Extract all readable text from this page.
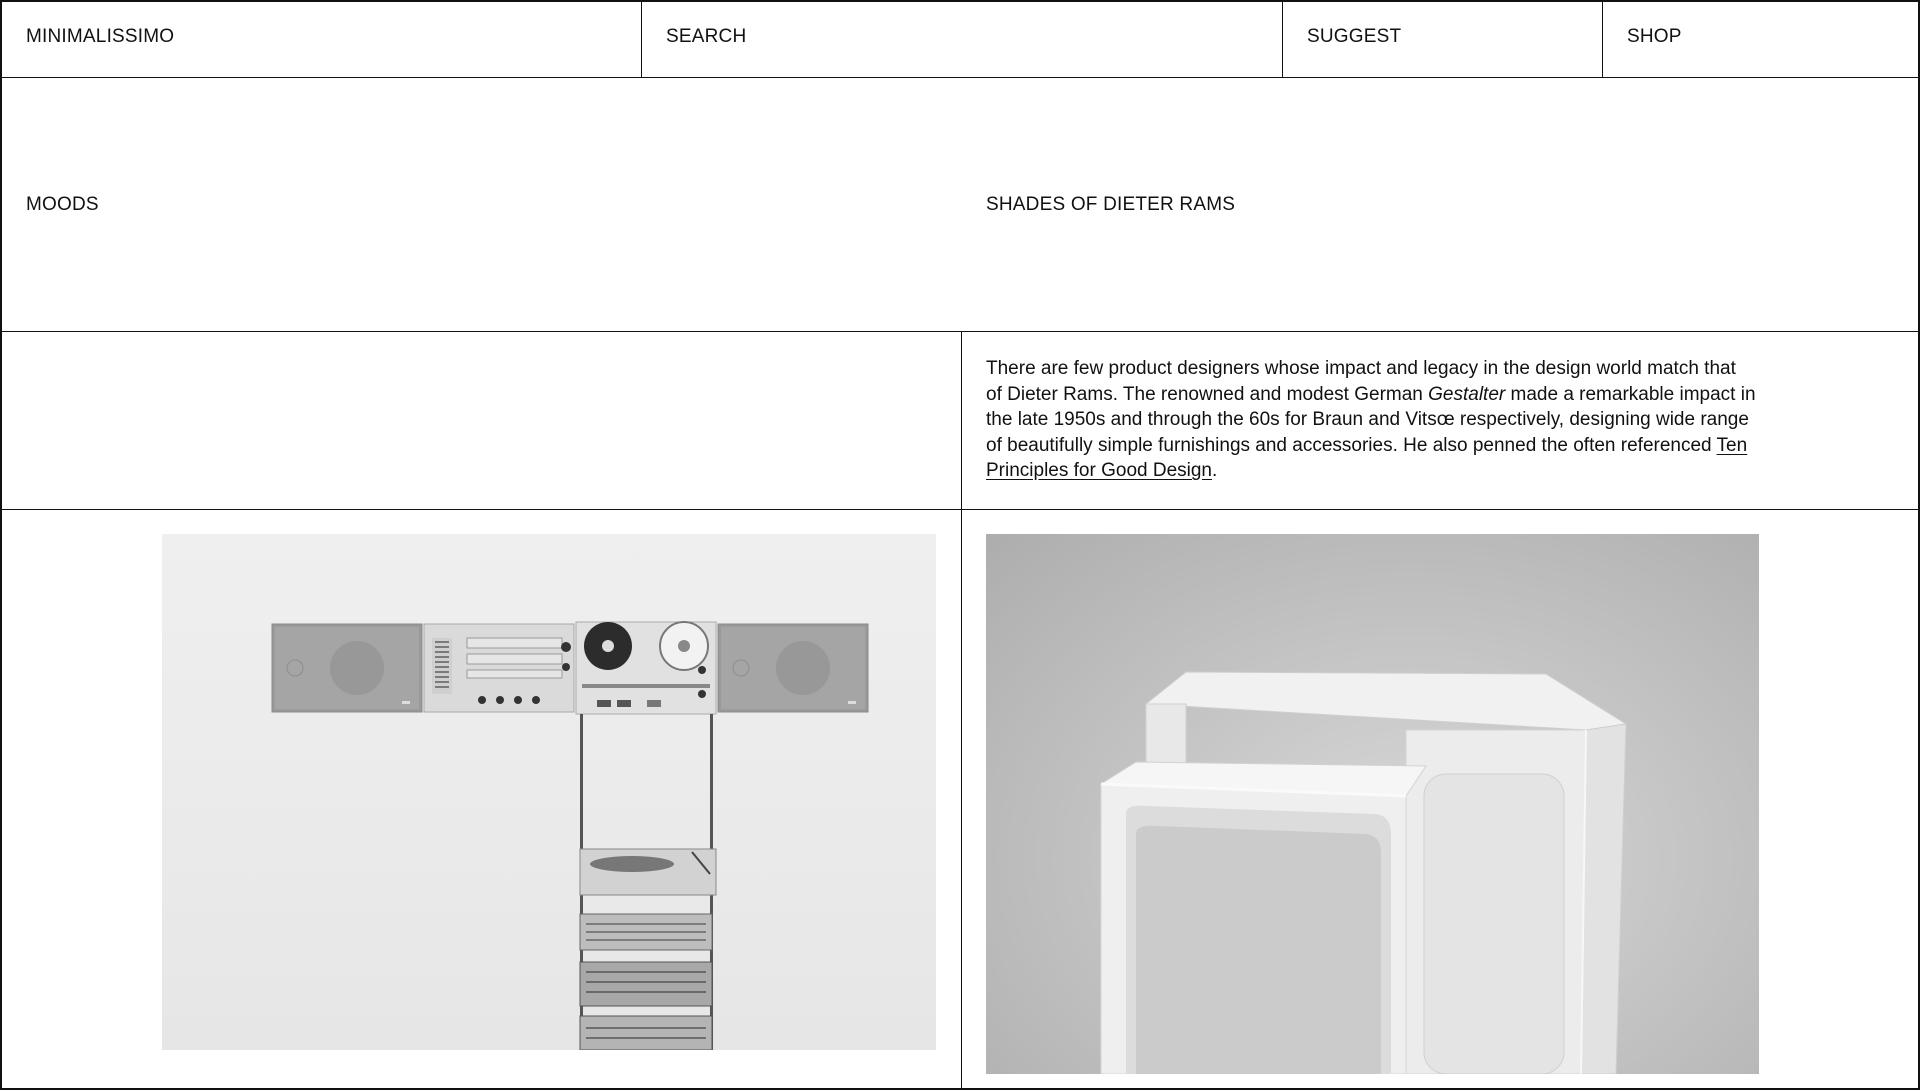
MINIMALISSIMO	SEARCH	SUGGEST	SHOP
MOODS	SHADES OF DIETER RAMS

There are few product designers whose impact and legacy in the design world match that of Dieter Rams. The renowned and modest German Gestalter made a remarkable impact in the late 1950s and through the 60s for Braun and Vitsœ respectively, designing wide range of beautifully simple furnishings and accessories. He also penned the often referenced Ten Principles for Good Design.
